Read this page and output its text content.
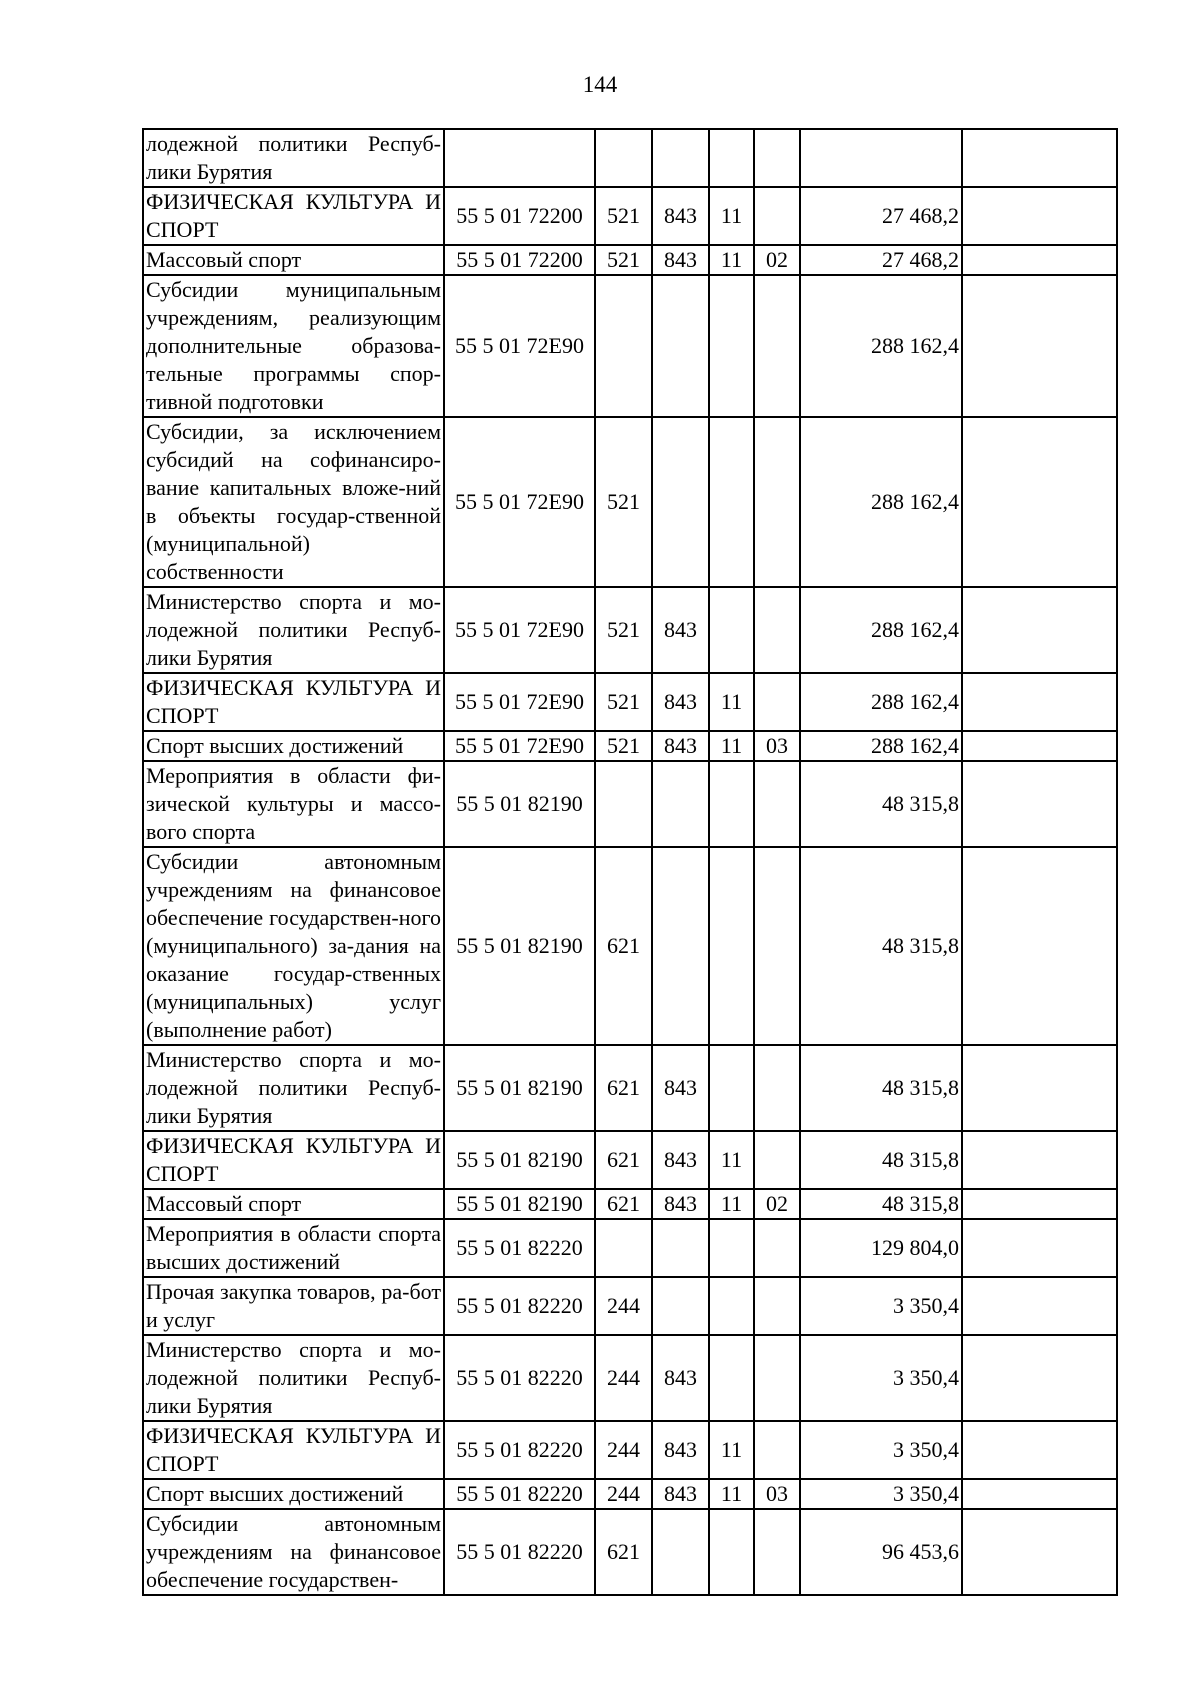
144
лодежной политики Респуб-лики Бурятия							
ФИЗИЧЕСКАЯ КУЛЬТУРА И СПОРТ	55 5 01 72200	521	843	11		27 468,2	
Массовый спорт	55 5 01 72200	521	843	11	02	27 468,2	
Субсидии муниципальным учреждениям, реализующим дополнительные образова-тельные программы спор-тивной подготовки	55 5 01 72Е90					288 162,4	
Субсидии, за исключением субсидий на софинансиро-вание капитальных вложе-ний в объекты государ-ственной (муниципальной) собственности	55 5 01 72Е90	521				288 162,4	
Министерство спорта и мо-лодежной политики Респуб-лики Бурятия	55 5 01 72Е90	521	843			288 162,4	
ФИЗИЧЕСКАЯ КУЛЬТУРА И СПОРТ	55 5 01 72Е90	521	843	11		288 162,4	
Спорт высших достижений	55 5 01 72Е90	521	843	11	03	288 162,4	
Мероприятия в области фи-зической культуры и массо-вого спорта	55 5 01 82190					48 315,8	
Субсидии автономным учреждениям на финансовое обеспечение государствен-ного (муниципального) за-дания на оказание государ-ственных (муниципальных) услуг (выполнение работ)	55 5 01 82190	621				48 315,8	
Министерство спорта и мо-лодежной политики Респуб-лики Бурятия	55 5 01 82190	621	843			48 315,8	
ФИЗИЧЕСКАЯ КУЛЬТУРА И СПОРТ	55 5 01 82190	621	843	11		48 315,8	
Массовый спорт	55 5 01 82190	621	843	11	02	48 315,8	
Мероприятия в области спорта высших достижений	55 5 01 82220					129 804,0	
Прочая закупка товаров, ра-бот и услуг	55 5 01 82220	244				3 350,4	
Министерство спорта и мо-лодежной политики Респуб-лики Бурятия	55 5 01 82220	244	843			3 350,4	
ФИЗИЧЕСКАЯ КУЛЬТУРА И СПОРТ	55 5 01 82220	244	843	11		3 350,4	
Спорт высших достижений	55 5 01 82220	244	843	11	03	3 350,4	
Субсидии автономным учреждениям на финансовое обеспечение государствен-	55 5 01 82220	621				96 453,6	
